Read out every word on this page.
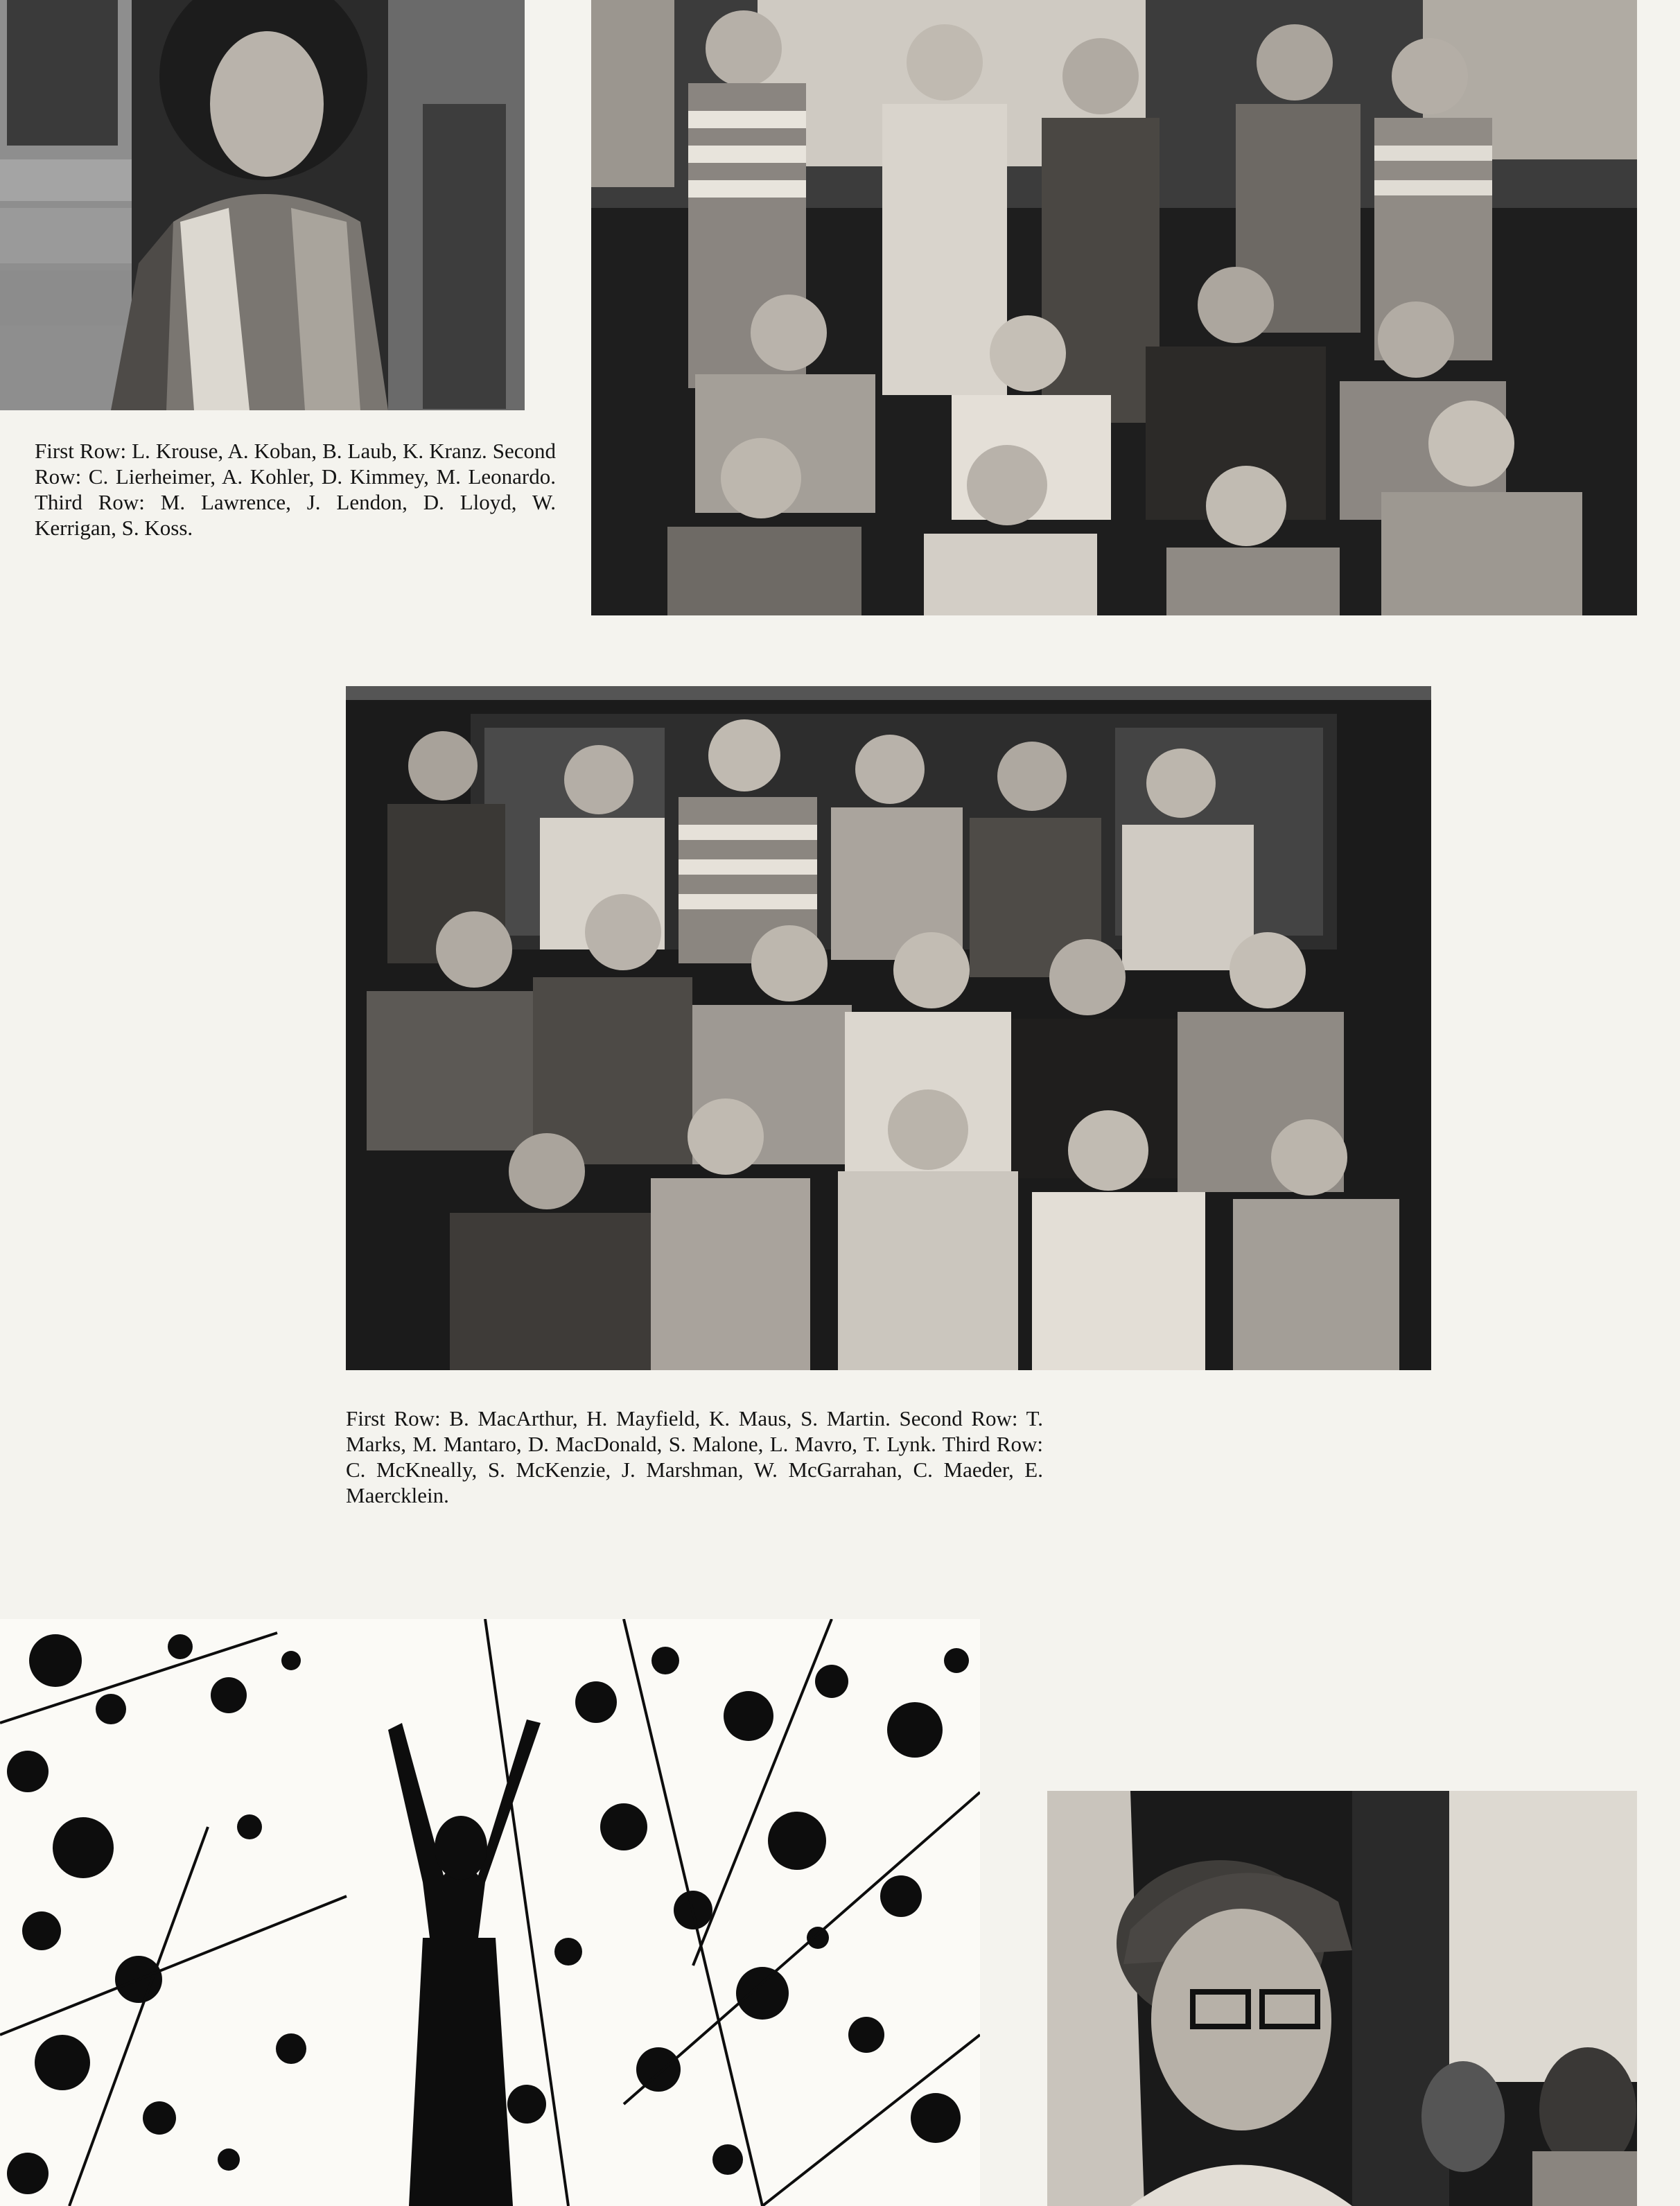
First Row: L. Krouse, A. Koban, B. Laub, K. Kranz. Second Row: C. Lierheimer, A. Kohler, D. Kimmey, M. Leonardo. Third Row: M. Lawrence, J. Lendon, D. Lloyd, W. Kerrigan, S. Koss.

First Row: B. MacArthur, H. Mayfield, K. Maus, S. Martin. Second Row: T. Marks, M. Mantaro, D. MacDonald, S. Malone, L. Mavro, T. Lynk. Third Row: C. McKneally, S. McKenzie, J. Marshman, W. McGarrahan, C. Maeder, E. Maercklein.
